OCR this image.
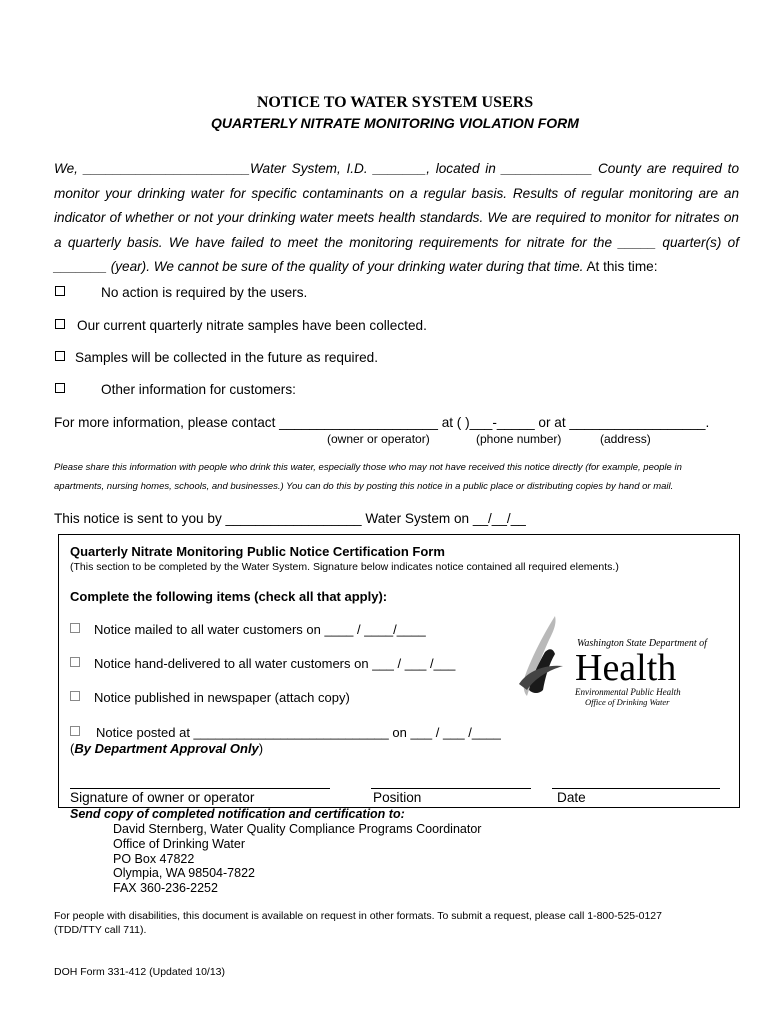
NOTICE TO WATER SYSTEM USERS
QUARTERLY NITRATE MONITORING VIOLATION FORM
We, ______________________Water System, I.D. _______, located in ____________ County are required to
monitor your drinking water for specific contaminants on a regular basis. Results of regular monitoring are an
indicator of whether or not your drinking water meets health standards. We are required to monitor for nitrates on
a quarterly basis. We have failed to meet the monitoring requirements for nitrate for the _____ quarter(s) of
_______ (year). We cannot be sure of the quality of your drinking water during that time. At this time:
No action is required by the users.
Our current quarterly nitrate samples have been collected.
Samples will be collected in the future as required.
Other information for customers:
For more information, please contact _____________________ at ( )___-_____ or at __________________.
(owner or operator)	(phone number)	(address)
Please share this information with people who drink this water, especially those who may not have received this notice directly (for example, people in
apartments, nursing homes, schools, and businesses.) You can do this by posting this notice in a public place or distributing copies by hand or mail.
This notice is sent to you by __________________ Water System on __/__/__
Quarterly Nitrate Monitoring Public Notice Certification Form
(This section to be completed by the Water System. Signature below indicates notice contained all required elements.)
Complete the following items (check all that apply):
Notice mailed to all water customers on ____ / ____/____
Notice hand-delivered to all water customers on ___ / ___ /___
Notice published in newspaper (attach copy)
Notice posted at ___________________________ on ___ / ___ /____
(By Department Approval Only)
Washington State Department of
Health
Environmental Public Health
Office of Drinking Water
Signature of owner or operator	Position	Date
Send copy of completed notification and certification to:
David Sternberg, Water Quality Compliance Programs Coordinator
Office of Drinking Water
PO Box 47822
Olympia, WA 98504-7822
FAX 360-236-2252
For people with disabilities, this document is available on request in other formats. To submit a request, please call 1-800-525-0127
(TDD/TTY call 711).
DOH Form 331-412 (Updated 10/13)
